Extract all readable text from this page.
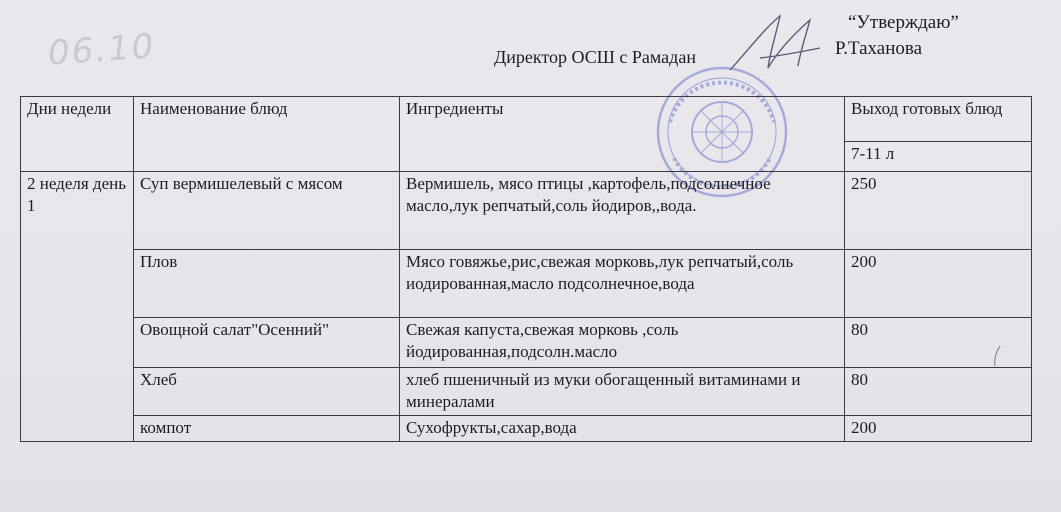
06.10
“Утверждаю”
Директор ОСШ с Рамадан	Р.Таханова
Дни недели	Наименование блюд	Ингредиенты	Выход готовых блюд
			7-11 л
2 неделя день 1	Суп вермишелевый с мясом	Вермишель, мясо птицы ,картофель,подсолнечное масло,лук репчатый,соль йодиров,,вода.	250
	Плов	Мясо говяжье,рис,свежая морковь,лук репчатый,соль иодированная,масло подсолнечное,вода	200
	Овощной салат"Осенний"	Свежая капуста,свежая морковь ,соль йодированная,подсолн.масло	80
	Хлеб	хлеб пшеничный из муки обогащенный витаминами и минералами	80
	компот	Сухофрукты,сахар,вода	200
